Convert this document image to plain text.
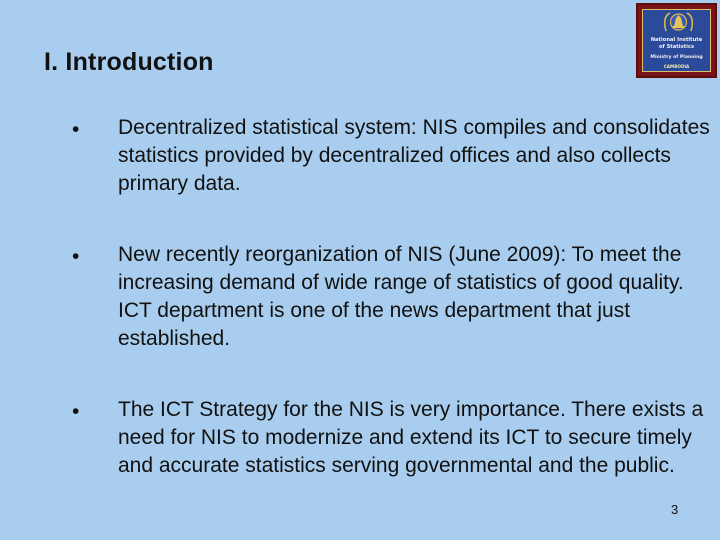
I. Introduction
National Institute
of Statistics
Ministry of Planning
CAMBODIA
• Decentralized statistical system: NIS compiles and consolidates statistics provided by decentralized offices and also collects primary data.
• New recently reorganization of NIS (June 2009): To meet the increasing demand of wide range of statistics of good quality. ICT department is one of the news department that just established.
• The ICT Strategy for the NIS is very importance. There exists a need for NIS to modernize and extend its ICT to secure timely and accurate statistics serving governmental and the public.
3
